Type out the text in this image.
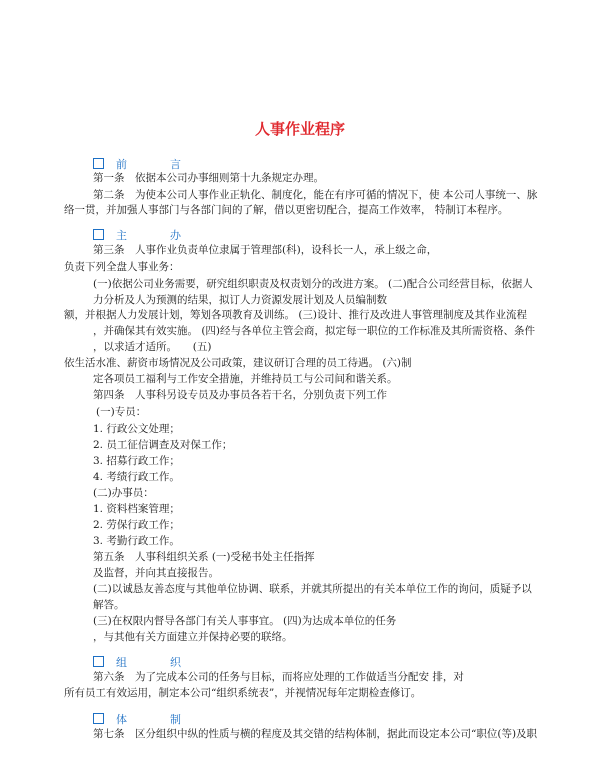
人事作业程序
前　言
第一条　依据本公司办事细则第十九条规定办理。
第二条　为使本公司人事作业正轨化、制度化，能在有序可循的情况下，使 本公司人事统一、脉
络一贯，并加强人事部门与各部门间的了解，借以更密切配合，提高工作效率， 特制订本程序。
主　办
第三条　人事作业负责单位隶属于管理部(科)，设科长一人，承上级之命，
负责下列全盘人事业务：
(一)依据公司业务需要，研究组织职责及权责划分的改进方案。 (二)配合公司经营目标，依据人
力分析及人为预测的结果，拟订人力资源发展计划及人员编制数
额，并根据人力发展计划，筹划各项教育及训练。 (三)设计、推行及改进人事管理制度及其作业流程
，并确保其有效实施。 (四)经与各单位主管会商，拟定每一职位的工作标准及其所需资格、条件
，以求适才适所。　　(五)
依生活水准、薪资市场情况及公司政策，建议研订合理的员工待遇。 (六)制
定各项员工福利与工作安全措施，并维持员工与公司间和谐关系。
第四条　人事科另设专员及办事员各若干名，分别负责下列工作
(一)专员：
1. 行政公文处理；
2. 员工征信调查及对保工作；
3. 招募行政工作；
4. 考绩行政工作。
(二)办事员：
1. 资料档案管理；
2. 劳保行政工作；
3. 考勤行政工作。
第五条　人事科组织关系 (一)受秘书处主任指挥
及监督，并向其直接报告。
(二)以诚恳友善态度与其他单位协调、联系，并就其所提出的有关本单位工作的询问，质疑予以
解答。
(三)在权限内督导各部门有关人事事宜。 (四)为达成本单位的任务
，与其他有关方面建立并保持必要的联络。
组　织
第六条　为了完成本公司的任务与目标，而将应处理的工作做适当分配安 排，对
所有员工有效运用，制定本公司“组织系统表”，并视情况每年定期检查修订。
体　制
第七条　区分组织中纵的性质与横的程度及其交错的结构体制，据此而设定本公司“职位(等)及职
